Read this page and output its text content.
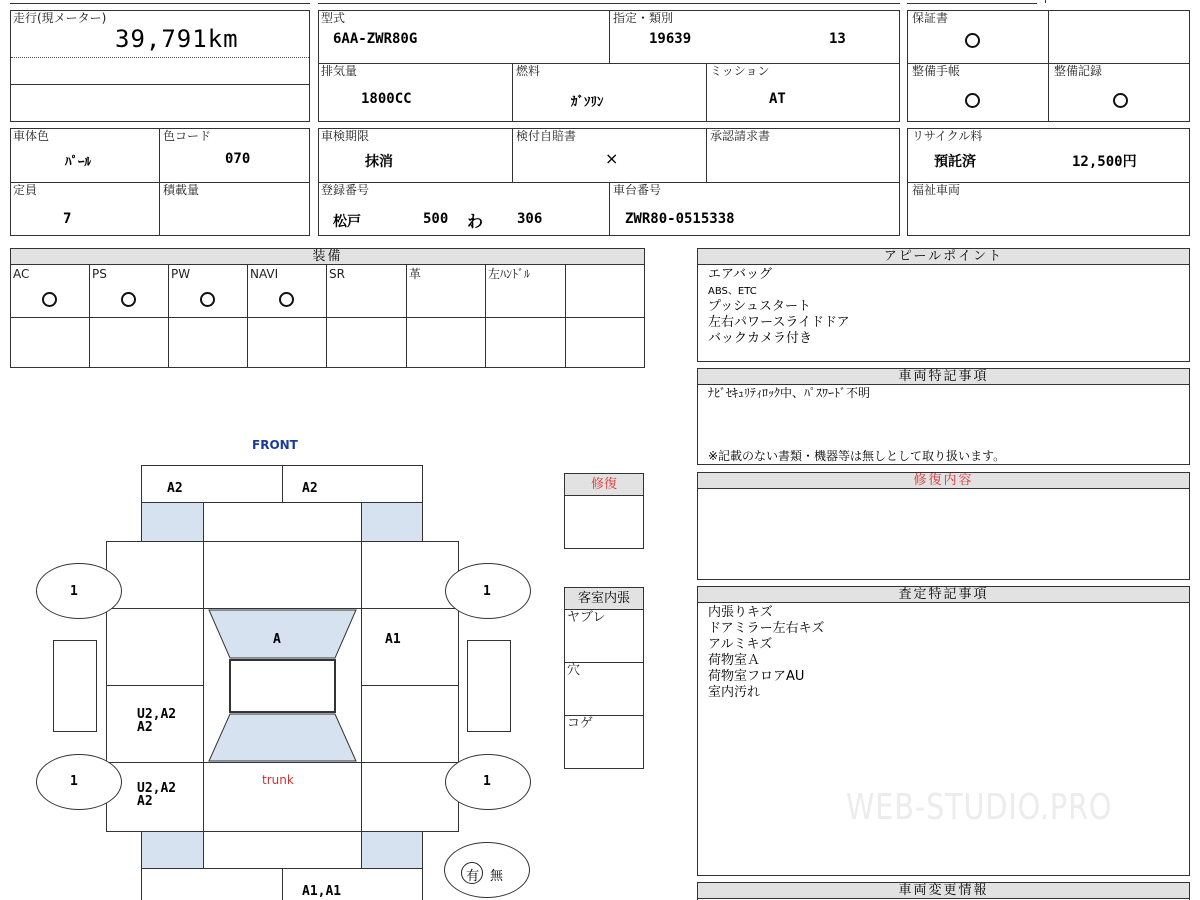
走行(現メーター)
39,791km
型式
6AA-ZWR80G
指定・類別
19639	13
排気量
1800CC
燃料
ｶﾞｿﾘﾝ
ミッション
AT
保証書
整備手帳	整備記録
車体色
ﾊﾟｰﾙ
色コード
070
定員
7
積載量
車検期限
抹消
検付自賠書
×
承認請求書
登録番号
松戸	500 わ 306
車台番号
ZWR80-0515338
リサイクル料
預託済	12,500円
福祉車両
装備
AC	PS	PW	NAVI	SR	革	左ﾊﾝﾄﾞﾙ
アピールポイント
エアバッグ
ABS、ETC
プッシュスタート
左右パワースライドドア
バックカメラ付き
車両特記事項
ﾅﾋﾞｾｷｭﾘﾃｨﾛｯｸ中、ﾊﾟｽﾜｰﾄﾞ不明
※記載のない書類・機器等は無しとして取り扱います。
修復内容
査定特記事項
内張りキズ
ドアミラー左右キズ
アルミキズ
荷物室Ａ
荷物室フロアAU
室内汚れ
WEB-STUDIO.PRO
車両変更情報
修復
客室内張
ヤブレ
穴
コゲ
FRONT
A2	A2
A1
U2,A2
A2
A
U2,A2
A2
trunk
A1,A1
1	1
1	1
有 無
